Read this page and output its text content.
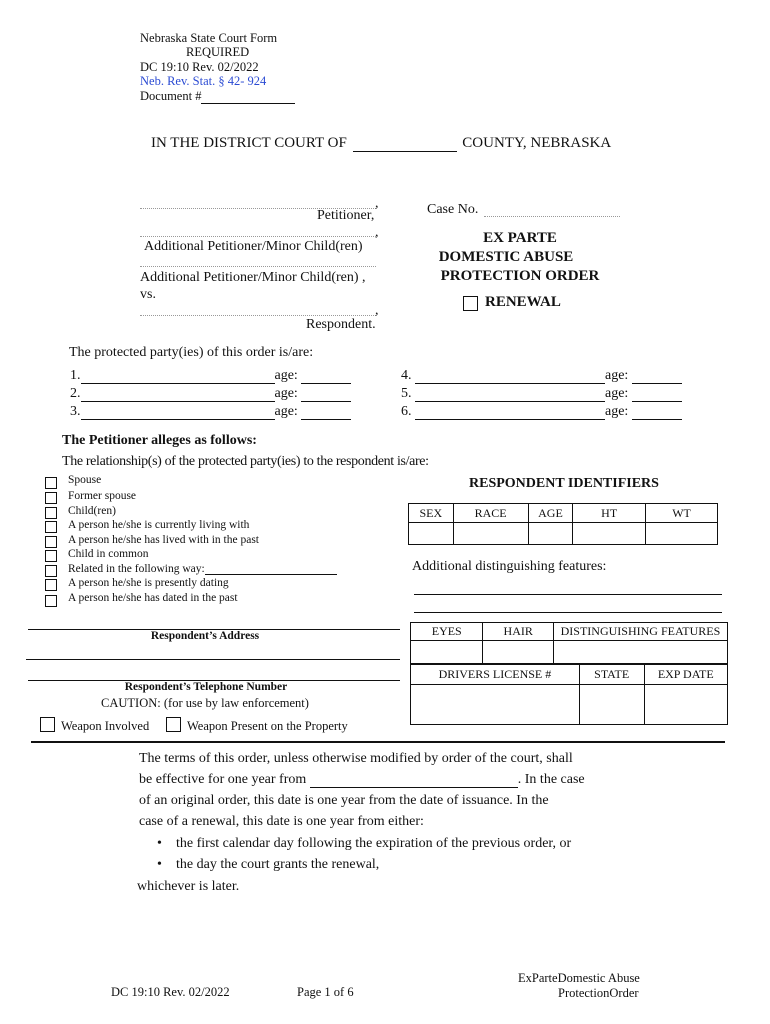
Nebraska State Court Form
REQUIRED
DC 19:10 Rev. 02/2022
Neb. Rev. Stat. § 42- 924
Document #
IN THE DISTRICT COURT OF	COUNTY, NEBRASKA
,
Petitioner,
,
Additional Petitioner/Minor Child(ren)
Additional Petitioner/Minor Child(ren) ,
vs.
,
Respondent.
Case No.
EX PARTE
DOMESTIC ABUSE
PROTECTION ORDER
RENEWAL
The protected party(ies) of this order is/are:
1.	age:
2.	age:
3.	age:
4.	age:
5.	age:
6.	age:
The Petitioner alleges as follows:
The relationship(s) of the protected party(ies) to the respondent is/are:
Spouse
Former spouse
Child(ren)
A person he/she is currently living with
A person he/she has lived with in the past
Child in common
Related in the following way:
A person he/she is presently dating
A person he/she has dated in the past
RESPONDENT IDENTIFIERS
SEX	RACE	AGE	HT	WT

Additional distinguishing features:
EYES	HAIR	DISTINGUISHING FEATURES

DRIVERS LICENSE #	STATE	EXP DATE

Respondent’s Address
Respondent’s Telephone Number
CAUTION: (for use by law enforcement)
Weapon Involved	Weapon Present on the Property
The terms of this order, unless otherwise modified by order of the court, shall
be effective for one year from	. In the case
of an original order, this date is one year from the date of issuance. In the
case of a renewal, this date is one year from either:
• the first calendar day following the expiration of the previous order, or
• the day the court grants the renewal,
whichever is later.
DC 19:10 Rev. 02/2022	Page 1 of 6
ExParteDomestic Abuse
ProtectionOrder
